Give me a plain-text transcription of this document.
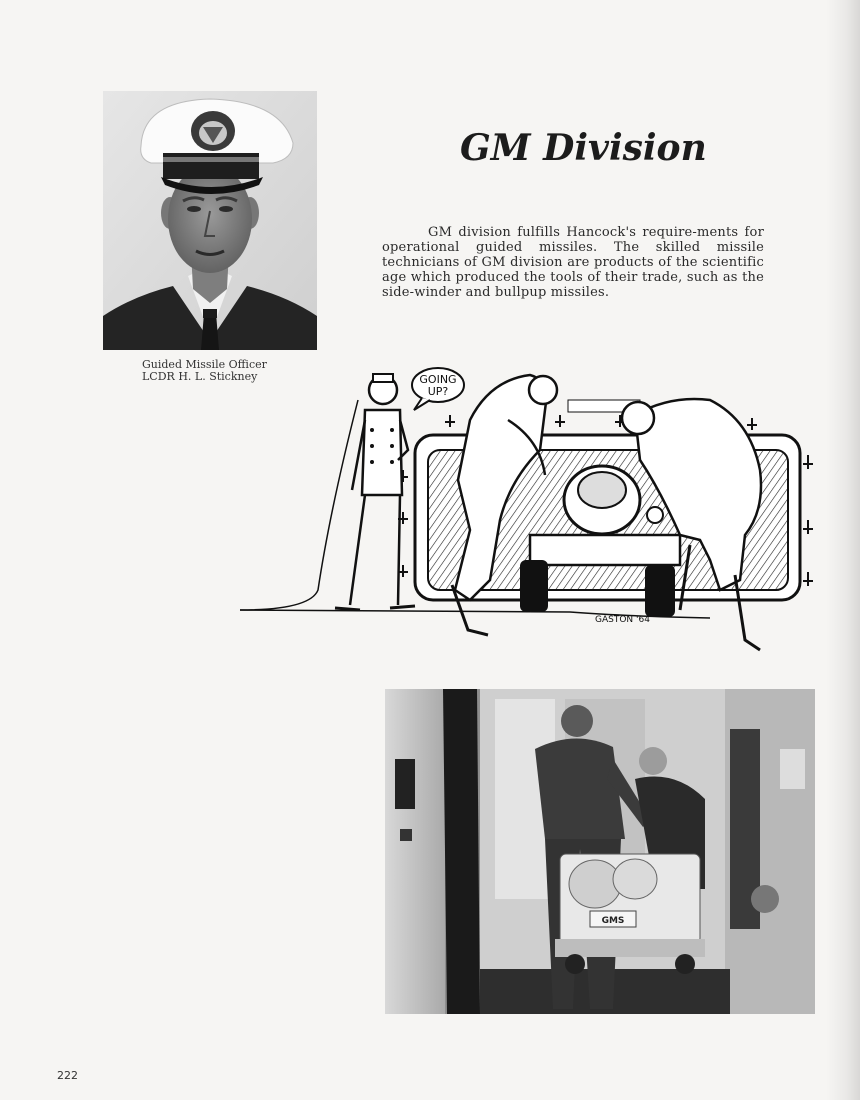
Guided Missile Officer
LCDR H. L. Stickney
GM Division
GM division fulfills Hancock's require-ments for operational guided missiles. The skilled missile technicians of GM division are products of the scientific age which produced the tools of their trade, such as the side-winder and bullpup missiles.
GOING
UP?
GASTON '64
GMS
222
